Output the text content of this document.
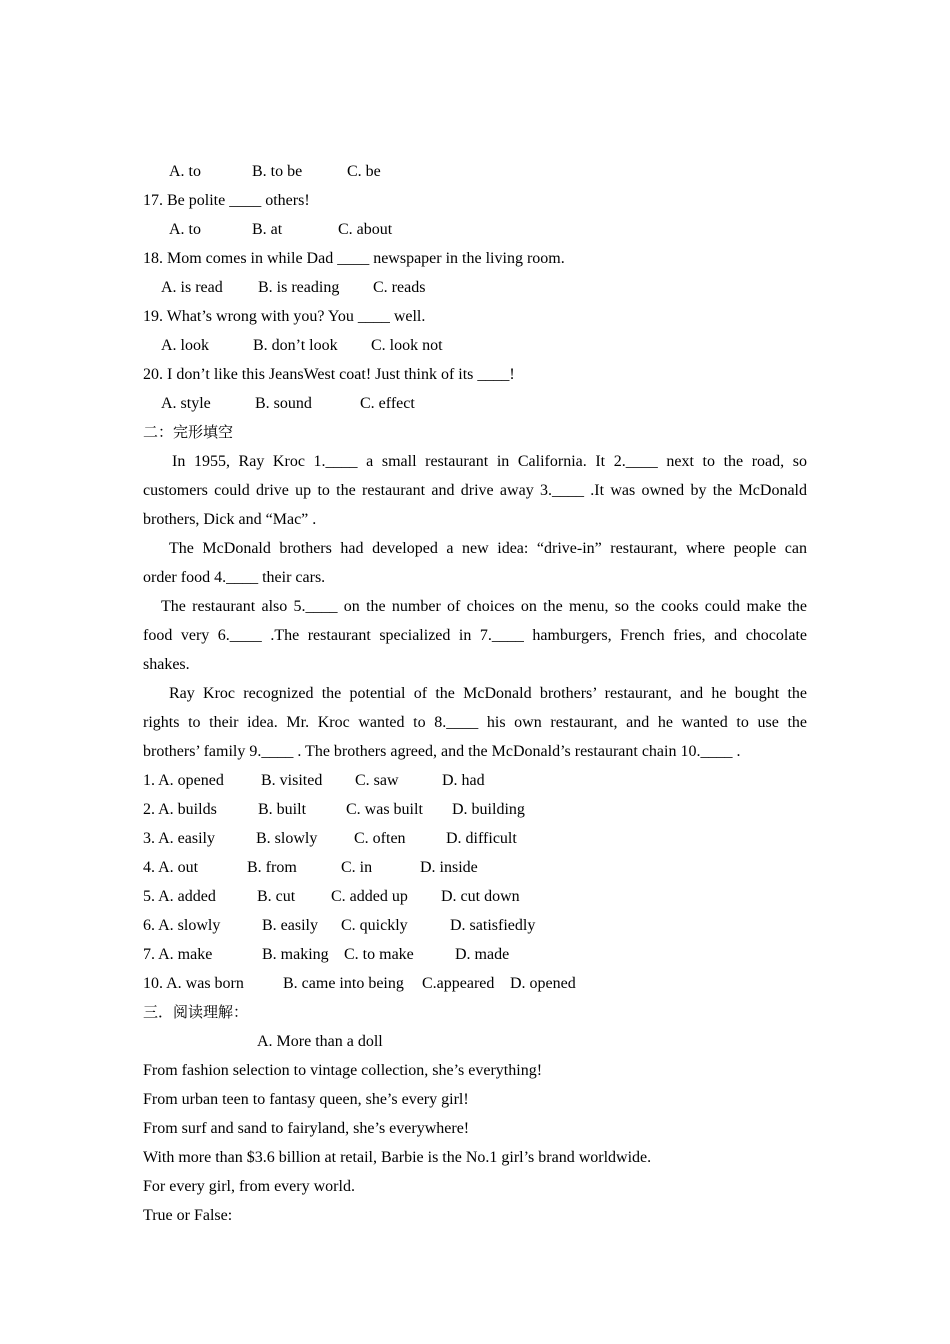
A. to	B. to be	C. be
17. Be polite ____ others!
A. to	B. at	C. about
18. Mom comes in while Dad ____ newspaper in the living room.
A. is read B. is reading C. reads
19. What’s wrong with you? You ____ well.
A. look	B. don’t look C. look not
20. I don’t like this JeansWest coat! Just think of its ____!
A. style	B. sound	C. effect
二：完形填空
In 1955, Ray Kroc 1.____ a small restaurant in California. It 2.____ next to the road, so
customers could drive up to the restaurant and drive away 3.____ .It was owned by the McDonald
brothers, Dick and “Mac” .
The McDonald brothers had developed a new idea: “drive-in” restaurant, where people can
order food 4.____ their cars.
The restaurant also 5.____ on the number of choices on the menu, so the cooks could make the
food very 6.____ .The restaurant specialized in 7.____ hamburgers, French fries, and chocolate
shakes.
Ray Kroc recognized the potential of the McDonald brothers’ restaurant, and he bought the
rights to their idea. Mr. Kroc wanted to 8.____ his own restaurant, and he wanted to use the
brothers’ family 9.____ . The brothers agreed, and the McDonald’s restaurant chain 10.____ .
1. A. opened B. visited C. saw	D. had
2. A. builds	B. built C. was built D. building
3. A. easily	B. slowly C. often	D. difficult
4. A. out	B. from	C. in	D. inside
5. A. added	B. cut C. added up D. cut down
6. A. slowly	B. easily C. quickly	D. satisfiedly
7. A. make	B. making C. to make	D. made
10. A. was born B. came into being C.appeared D. opened
三．阅读理解：
A. More than a doll
From fashion selection to vintage collection, she’s everything!
From urban teen to fantasy queen, she’s every girl!
From surf and sand to fairyland, she’s everywhere!
With more than $3.6 billion at retail, Barbie is the No.1 girl’s brand worldwide.
For every girl, from every world.
True or False:
